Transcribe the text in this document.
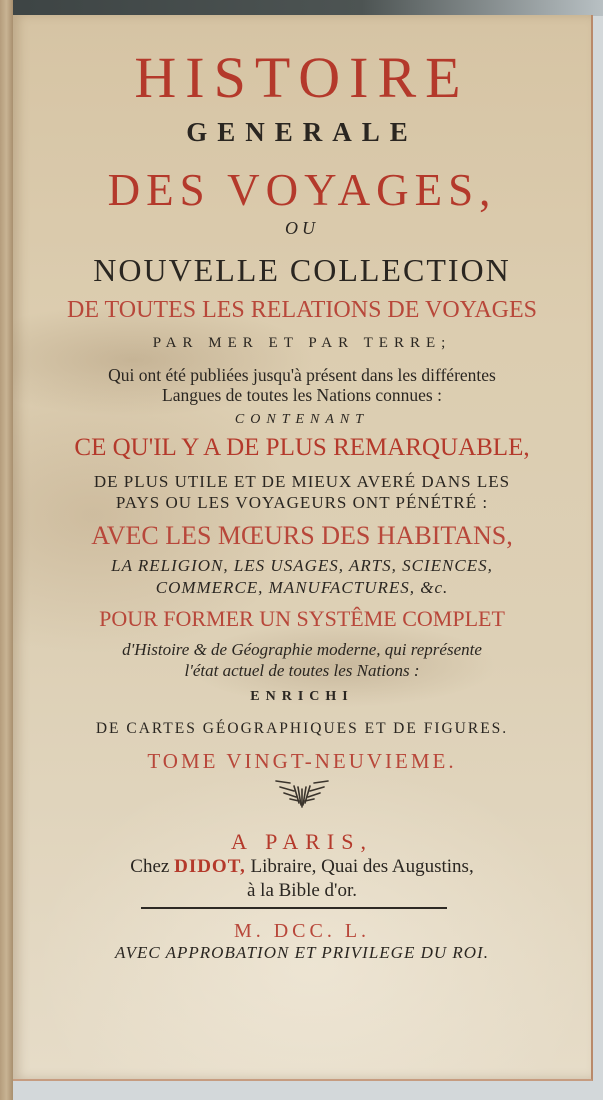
HISTOIRE
GENERALE
DES VOYAGES,
OU
NOUVELLE COLLECTION
DE TOUTES LES RELATIONS DE VOYAGES
PAR MER ET PAR TERRE;
Qui ont été publiées jusqu'à présent dans les différentes
Langues de toutes les Nations connues :
CONTENANT
CE QU'IL Y A DE PLUS REMARQUABLE,
DE PLUS UTILE ET DE MIEUX AVERÉ DANS LES
PAYS OU LES VOYAGEURS ONT PÉNÉTRÉ :
AVEC LES MŒURS DES HABITANS,
LA RELIGION, LES USAGES, ARTS, SCIENCES,
COMMERCE, MANUFACTURES, &c.
POUR FORMER UN SYSTÊME COMPLET
d'Histoire & de Géographie moderne, qui représente
l'état actuel de toutes les Nations :
ENRICHI
DE CARTES GÉOGRAPHIQUES ET DE FIGURES.
TOME VINGT-NEUVIEME.
A PARIS,
Chez DIDOT, Libraire, Quai des Augustins,
à la Bible d'or.
M. DCC. L.
AVEC APPROBATION ET PRIVILEGE DU ROI.
